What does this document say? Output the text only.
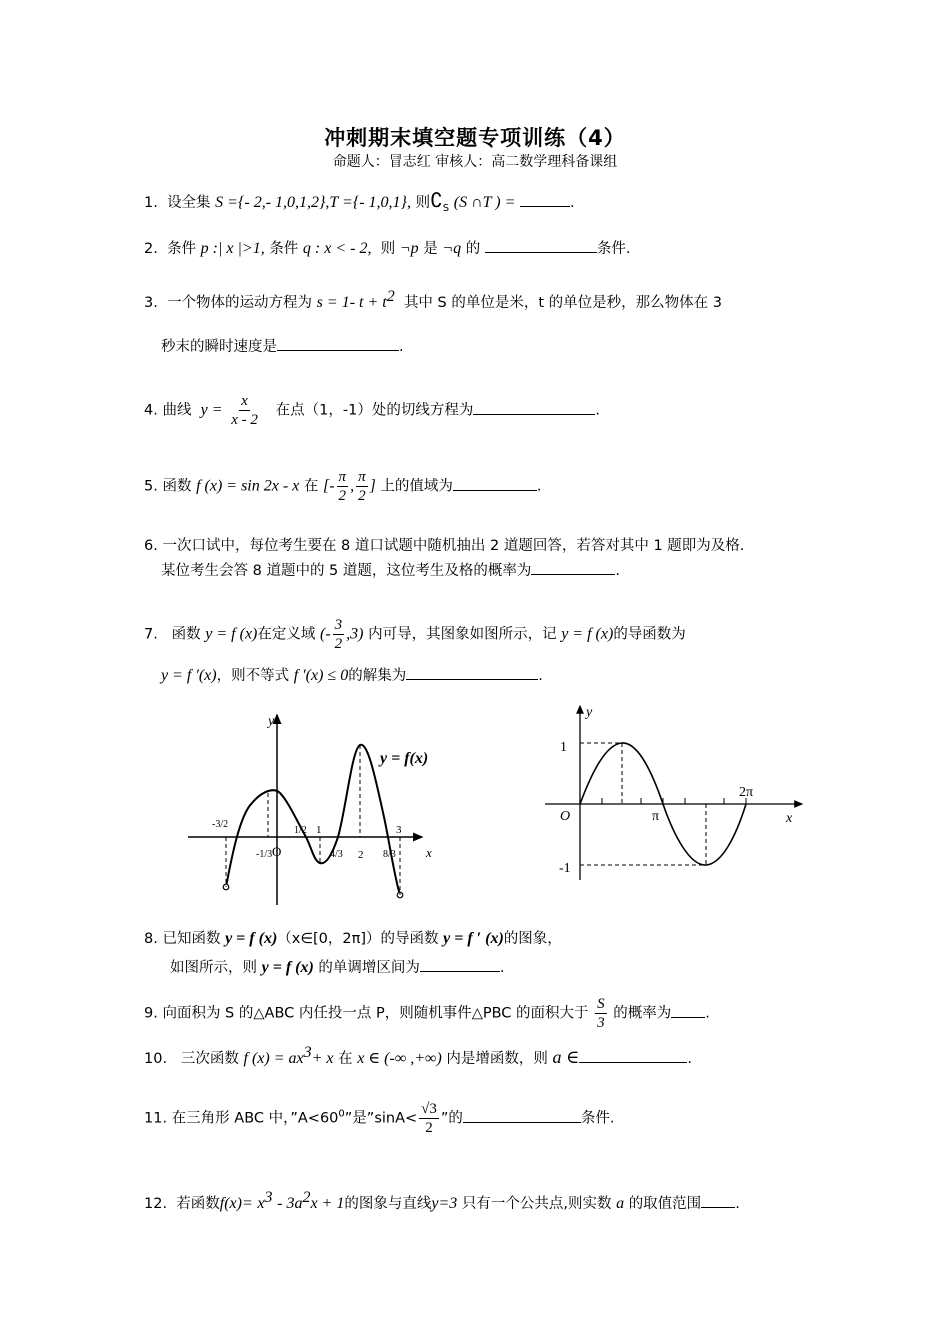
冲刺期末填空题专项训练（4）
命题人：冒志红 审核人：高二数学理科备课组
1. 设全集 S ={- 2,- 1,0,1,2},T ={- 1,0,1}, 则$∁_S$ (S ∩T ) =	.
2. 条件 p :| x |>1, 条件 q : x < - 2, 则 ¬p 是 ¬q 的	条件.
3. 一个物体的运动方程为 s = 1- $t + t^2$ 其中 S 的单位是米，t 的单位是秒，那么物体在 3
秒末的瞬时速度是	.
4. 曲线 $y = \frac{x}{x - 2}$ 在点（1，-1）处的切线方程为	.
5. 函数 f (x) = sin 2x - x 在 [- $\frac{\pi}{2}$ , $\frac{\pi}{2}$ ] 上的值域为	.
6. 一次口试中，每位考生要在 8 道口试题中随机抽出 2 道题回答，若答对其中 1 题即为及格.
某位考生会答 8 道题中的 5 道题，这位考生及格的概率为	.
7. 函数 y = f (x)在定义域 (- $\frac{3}{2} ,3$) 内可导，其图象如图所示，记 y = f (x)的导函数为
y = f ′(x)，则不等式 f ′(x) ≤ 0的解集为	.
y
x
y = f(x)
-3/2
-1/3 O
1/2 1
4/3 2 8/3
3
y
x
O
1
-1
π
2π
8. 已知函数 y = f (x)（x∈[0，2π]）的导函数 y = f ′ (x)的图象，
如图所示，则 y = f (x) 的单调增区间为	.
9. 向面积为 S 的△ABC 内任投一点 P，则随机事件△PBC 的面积大于 $\frac{S}{3}$ 的概率为 .
10. 三次函数 f $(x) = ax^3+ x$ 在 x ∈ (-∞ ,+∞) 内是增函数，则 a ∈	.
11. 在三角形 ABC 中，$”A<60^0$”是”sinA< $\frac{√3}{2}$ ”的	条件.
12. 若函数$f(x)= x^3 - 3a^2x + 1$的图象与直线y=3 只有一个公共点,则实数 a 的取值范围 .
